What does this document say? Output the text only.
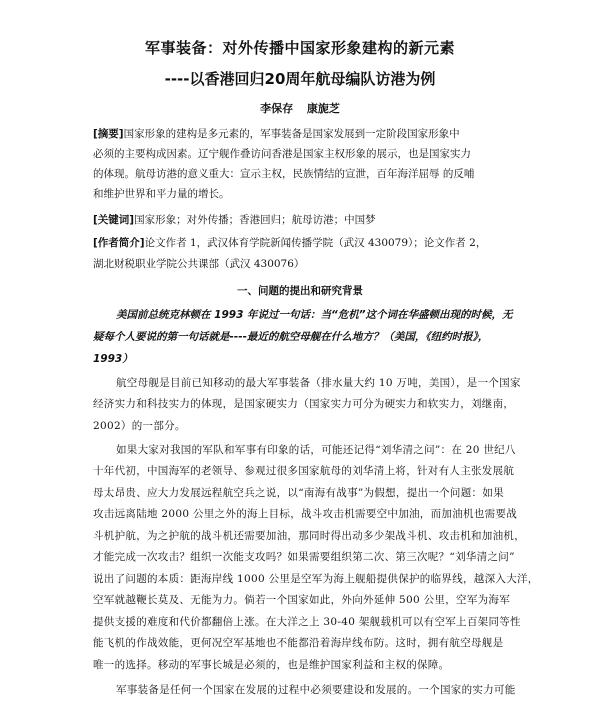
军事装备：对外传播中国家形象建构的新元素
----以香港回归20周年航母编队访港为例
李保存 康旎芝
[摘要]国家形象的建构是多元素的，军事装备是国家发展到一定阶段国家形象中
必须的主要构成因素。辽宁舰作叠访问香港是国家主权形象的展示，也是国家实力
的体现。航母访港的意义重大：宣示主权，民族情结的宣泄，百年海洋屈辱 的反哺
和维护世界和平力量的增长。
[关键词]国家形象；对外传播；香港回归；航母访港；中国梦
[作者简介]论文作者 1，武汉体育学院新闻传播学院（武汉 430079）；论文作者 2，
湖北财税职业学院公共课部（武汉 430076）
一、问题的提出和研究背景
美国前总统克林顿在 1993 年说过一句话：当“危机”这个词在华盛顿出现的时候，无
疑每个人要说的第一句话就是----最近的航空母舰在什么地方？（美国，《纽约时报》，
1993）
航空母舰是目前已知移动的最大军事装备（排水量大约 10 万吨，美国），是一个国家
经济实力和科技实力的体现，是国家硬实力（国家实力可分为硬实力和软实力，刘继南，
2002）的一部分。
如果大家对我国的军队和军事有印象的话，可能还记得“刘华清之问”：在 20 世纪八
十年代初，中国海军的老领导、参观过很多国家航母的刘华清上将，针对有人主张发展航
母太昂贵、应大力发展远程航空兵之说，以“南海有战事”为假想，提出一个问题：如果
攻击远离陆地 2000 公里之外的海上目标，战斗攻击机需要空中加油，而加油机也需要战
斗机护航，为之护航的战斗机还需要加油，那同时得出动多少架战斗机、攻击机和加油机，
才能完成一次攻击？组织一次能支攻吗？如果需要组织第二次、第三次呢？“刘华清之问”
说出了问题的本质：距海岸线 1000 公里是空军为海上舰船提供保护的临界线，越深入大洋，
空军就越鞭长莫及、无能为力。倘若一个国家如此，外向外延伸 500 公里，空军为海军
提供支援的难度和代价都翻倍上涨。在大洋之上 30-40 架舰载机可以有空军上百架同等性
能飞机的作战效能，更何况空军基地也不能都沿着海岸线布防。这时，拥有航空母舰是
唯一的选择。移动的军事长城是必须的，也是维护国家利益和主权的保障。
军事装备是任何一个国家在发展的过程中必须要建设和发展的。一个国家的实力可能
